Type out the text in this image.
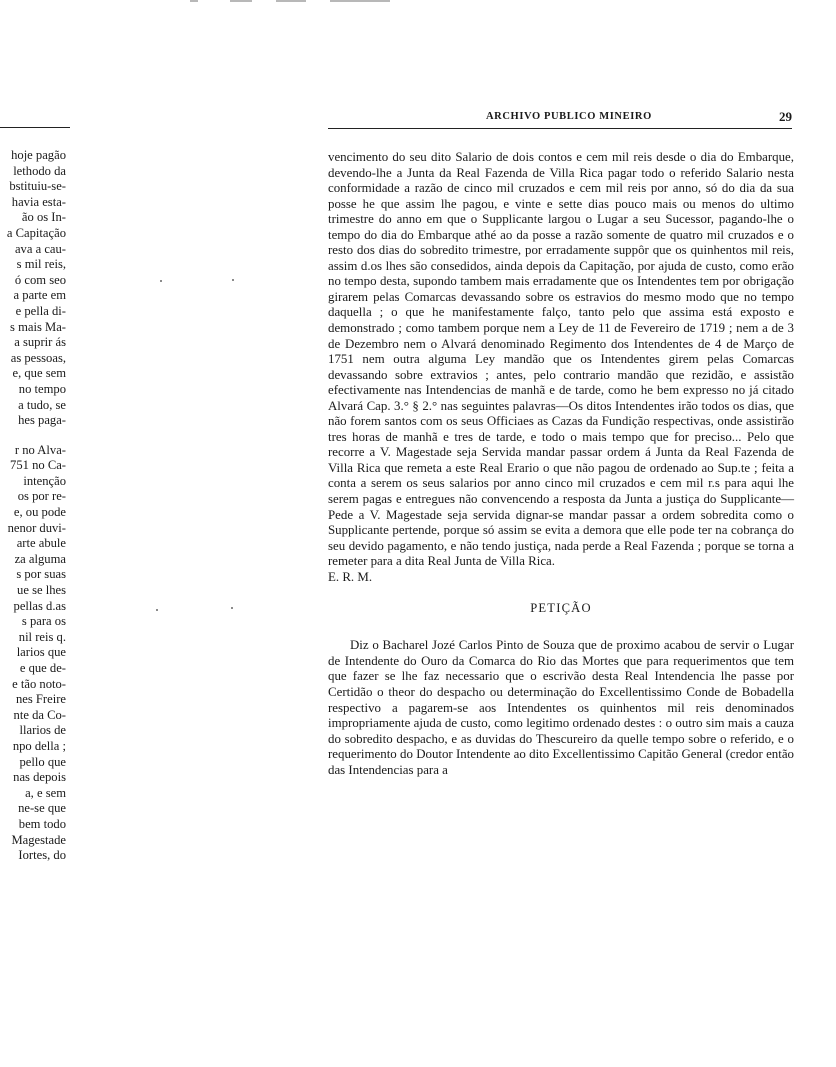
hoje pagão
lethodo da
bstituiu-se-
havia esta-
ão os In-
a Capitação
ava a cau-
s mil reis,
ó com seo
a parte em
e pella di-
s mais Ma-
a suprir ás
as pessoas,
e, que sem
no tempo
a tudo, se
hes paga-
r no Alva-
751 no Ca-
intenção
os por re-
e, ou pode
nenor duvi-
arte abule
za alguma
s por suas
ue se lhes
pellas d.as
s para os
nil reis q.
larios que
e que de-
e tão noto-
nes Freire
nte da Co-
llarios de
npo della ;
pello que
nas depois
a, e sem
ne-se que
bem todo
Magestade
Iortes, do
ARCHIVO PUBLICO MINEIRO	29

vencimento do seu dito Salario de dois contos e cem mil reis desde o dia do Embarque, devendo-lhe a Junta da Real Fazenda de Villa Rica pagar todo o referido Salario nesta conformidade a razão de cinco mil cruzados e cem mil reis por anno, só do dia da sua posse he que assim lhe pagou, e vinte e sette dias pouco mais ou menos do ultimo trimestre do anno em que o Supplicante largou o Lugar a seu Sucessor, pagando-lhe o tempo do dia do Embarque athé ao da posse a razão somente de quatro mil cruzados e o resto dos dias do sobredito trimestre, por erradamente suppôr que os quinhentos mil reis, assim d.os lhes são consedidos, ainda depois da Capitação, por ajuda de custo, como erão no tempo desta, supondo tambem mais erradamente que os Intendentes tem por obrigação girarem pelas Comarcas devassando sobre os estravios do mesmo modo que no tempo daquella ; o que he manifestamente falço, tanto pelo que assima está exposto e demonstrado ; como tambem porque nem a Ley de 11 de Fevereiro de 1719 ; nem a de 3 de Dezembro nem o Alvará denominado Regimento dos Intendentes de 4 de Março de 1751 nem outra alguma Ley mandão que os Intendentes girem pelas Comarcas devassando sobre extravios ; antes, pelo contrario mandão que rezidão, e assistão efectivamente nas Intendencias de manhã e de tarde, como he bem expresso no já citado Alvará Cap. 3.° § 2.° nas seguintes palavras—Os ditos Intendentes irão todos os dias, que não forem santos com os seus Officiaes as Cazas da Fundição respectivas, onde assistirão tres horas de manhã e tres de tarde, e todo o mais tempo que for preciso... Pelo que recorre a V. Magestade seja Servida mandar passar ordem á Junta da Real Fazenda de Villa Rica que remeta a este Real Erario o que não pagou de ordenado ao Sup.te ; feita a conta a serem os seus salarios por anno cinco mil cruzados e cem mil r.s para aqui lhe serem pagas e entregues não convencendo a resposta da Junta a justiça do Supplicante—Pede a V. Magestade seja servida dignar-se mandar passar a ordem sobredita como o Supplicante pertende, porque só assim se evita a demora que elle pode ter na cobrança do seu devido pagamento, e não tendo justiça, nada perde a Real Fazenda ; porque se torna a remeter para a dita Real Junta de Villa Rica.

E. R. M.

PETIÇÃO

Diz o Bacharel Jozé Carlos Pinto de Souza que de proximo acabou de servir o Lugar de Intendente do Ouro da Comarca do Rio das Mortes que para requerimentos que tem que fazer se lhe faz necessario que o escrivão desta Real Intendencia lhe passe por Certidão o theor do despacho ou determinação do Excellentissimo Conde de Bobadella respectivo a pagarem-se aos Intendentes os quinhentos mil reis denominados impropriamente ajuda de custo, como legitimo ordenado destes : o outro sim mais a cauza do sobredito despacho, e as duvidas do Thescureiro da quelle tempo sobre o referido, e o requerimento do Doutor Intendente ao dito Excellentissimo Capitão General (credor então das Intendencias para a
